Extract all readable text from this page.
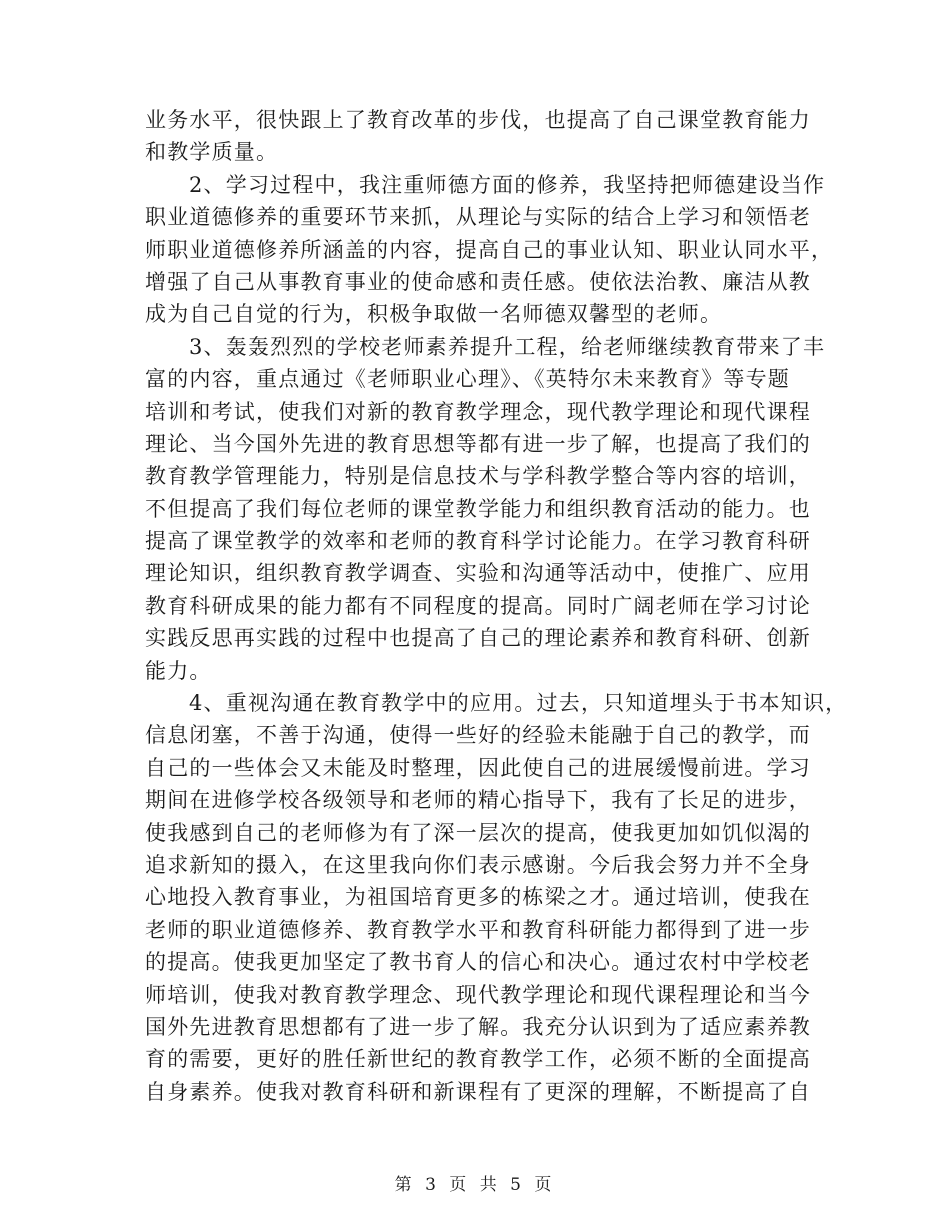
业务水平，很快跟上了教育改革的步伐，也提高了自己课堂教育能力
和教学质量。
2、学习过程中，我注重师德方面的修养，我坚持把师德建设当作
职业道德修养的重要环节来抓，从理论与实际的结合上学习和领悟老
师职业道德修养所涵盖的内容，提高自己的事业认知、职业认同水平，
增强了自己从事教育事业的使命感和责任感。使依法治教、廉洁从教
成为自己自觉的行为，积极争取做一名师德双馨型的老师。
3、轰轰烈烈的学校老师素养提升工程，给老师继续教育带来了丰
富的内容，重点通过《老师职业心理》、《英特尔未来教育》等专题
培训和考试，使我们对新的教育教学理念，现代教学理论和现代课程
理论、当今国外先进的教育思想等都有进一步了解，也提高了我们的
教育教学管理能力，特别是信息技术与学科教学整合等内容的培训，
不但提高了我们每位老师的课堂教学能力和组织教育活动的能力。也
提高了课堂教学的效率和老师的教育科学讨论能力。在学习教育科研
理论知识，组织教育教学调查、实验和沟通等活动中，使推广、应用
教育科研成果的能力都有不同程度的提高。同时广阔老师在学习讨论
实践反思再实践的过程中也提高了自己的理论素养和教育科研、创新
能力。
4、重视沟通在教育教学中的应用。过去，只知道埋头于书本知识，
信息闭塞，不善于沟通，使得一些好的经验未能融于自己的教学，而
自己的一些体会又未能及时整理，因此使自己的进展缓慢前进。学习
期间在进修学校各级领导和老师的精心指导下，我有了长足的进步，
使我感到自己的老师修为有了深一层次的提高，使我更加如饥似渴的
追求新知的摄入，在这里我向你们表示感谢。今后我会努力并不全身
心地投入教育事业，为祖国培育更多的栋梁之才。通过培训，使我在
老师的职业道德修养、教育教学水平和教育科研能力都得到了进一步
的提高。使我更加坚定了教书育人的信心和决心。通过农村中学校老
师培训，使我对教育教学理念、现代教学理论和现代课程理论和当今
国外先进教育思想都有了进一步了解。我充分认识到为了适应素养教
育的需要，更好的胜任新世纪的教育教学工作，必须不断的全面提高
自身素养。使我对教育科研和新课程有了更深的理解，不断提高了自
第 3 页 共 5 页
